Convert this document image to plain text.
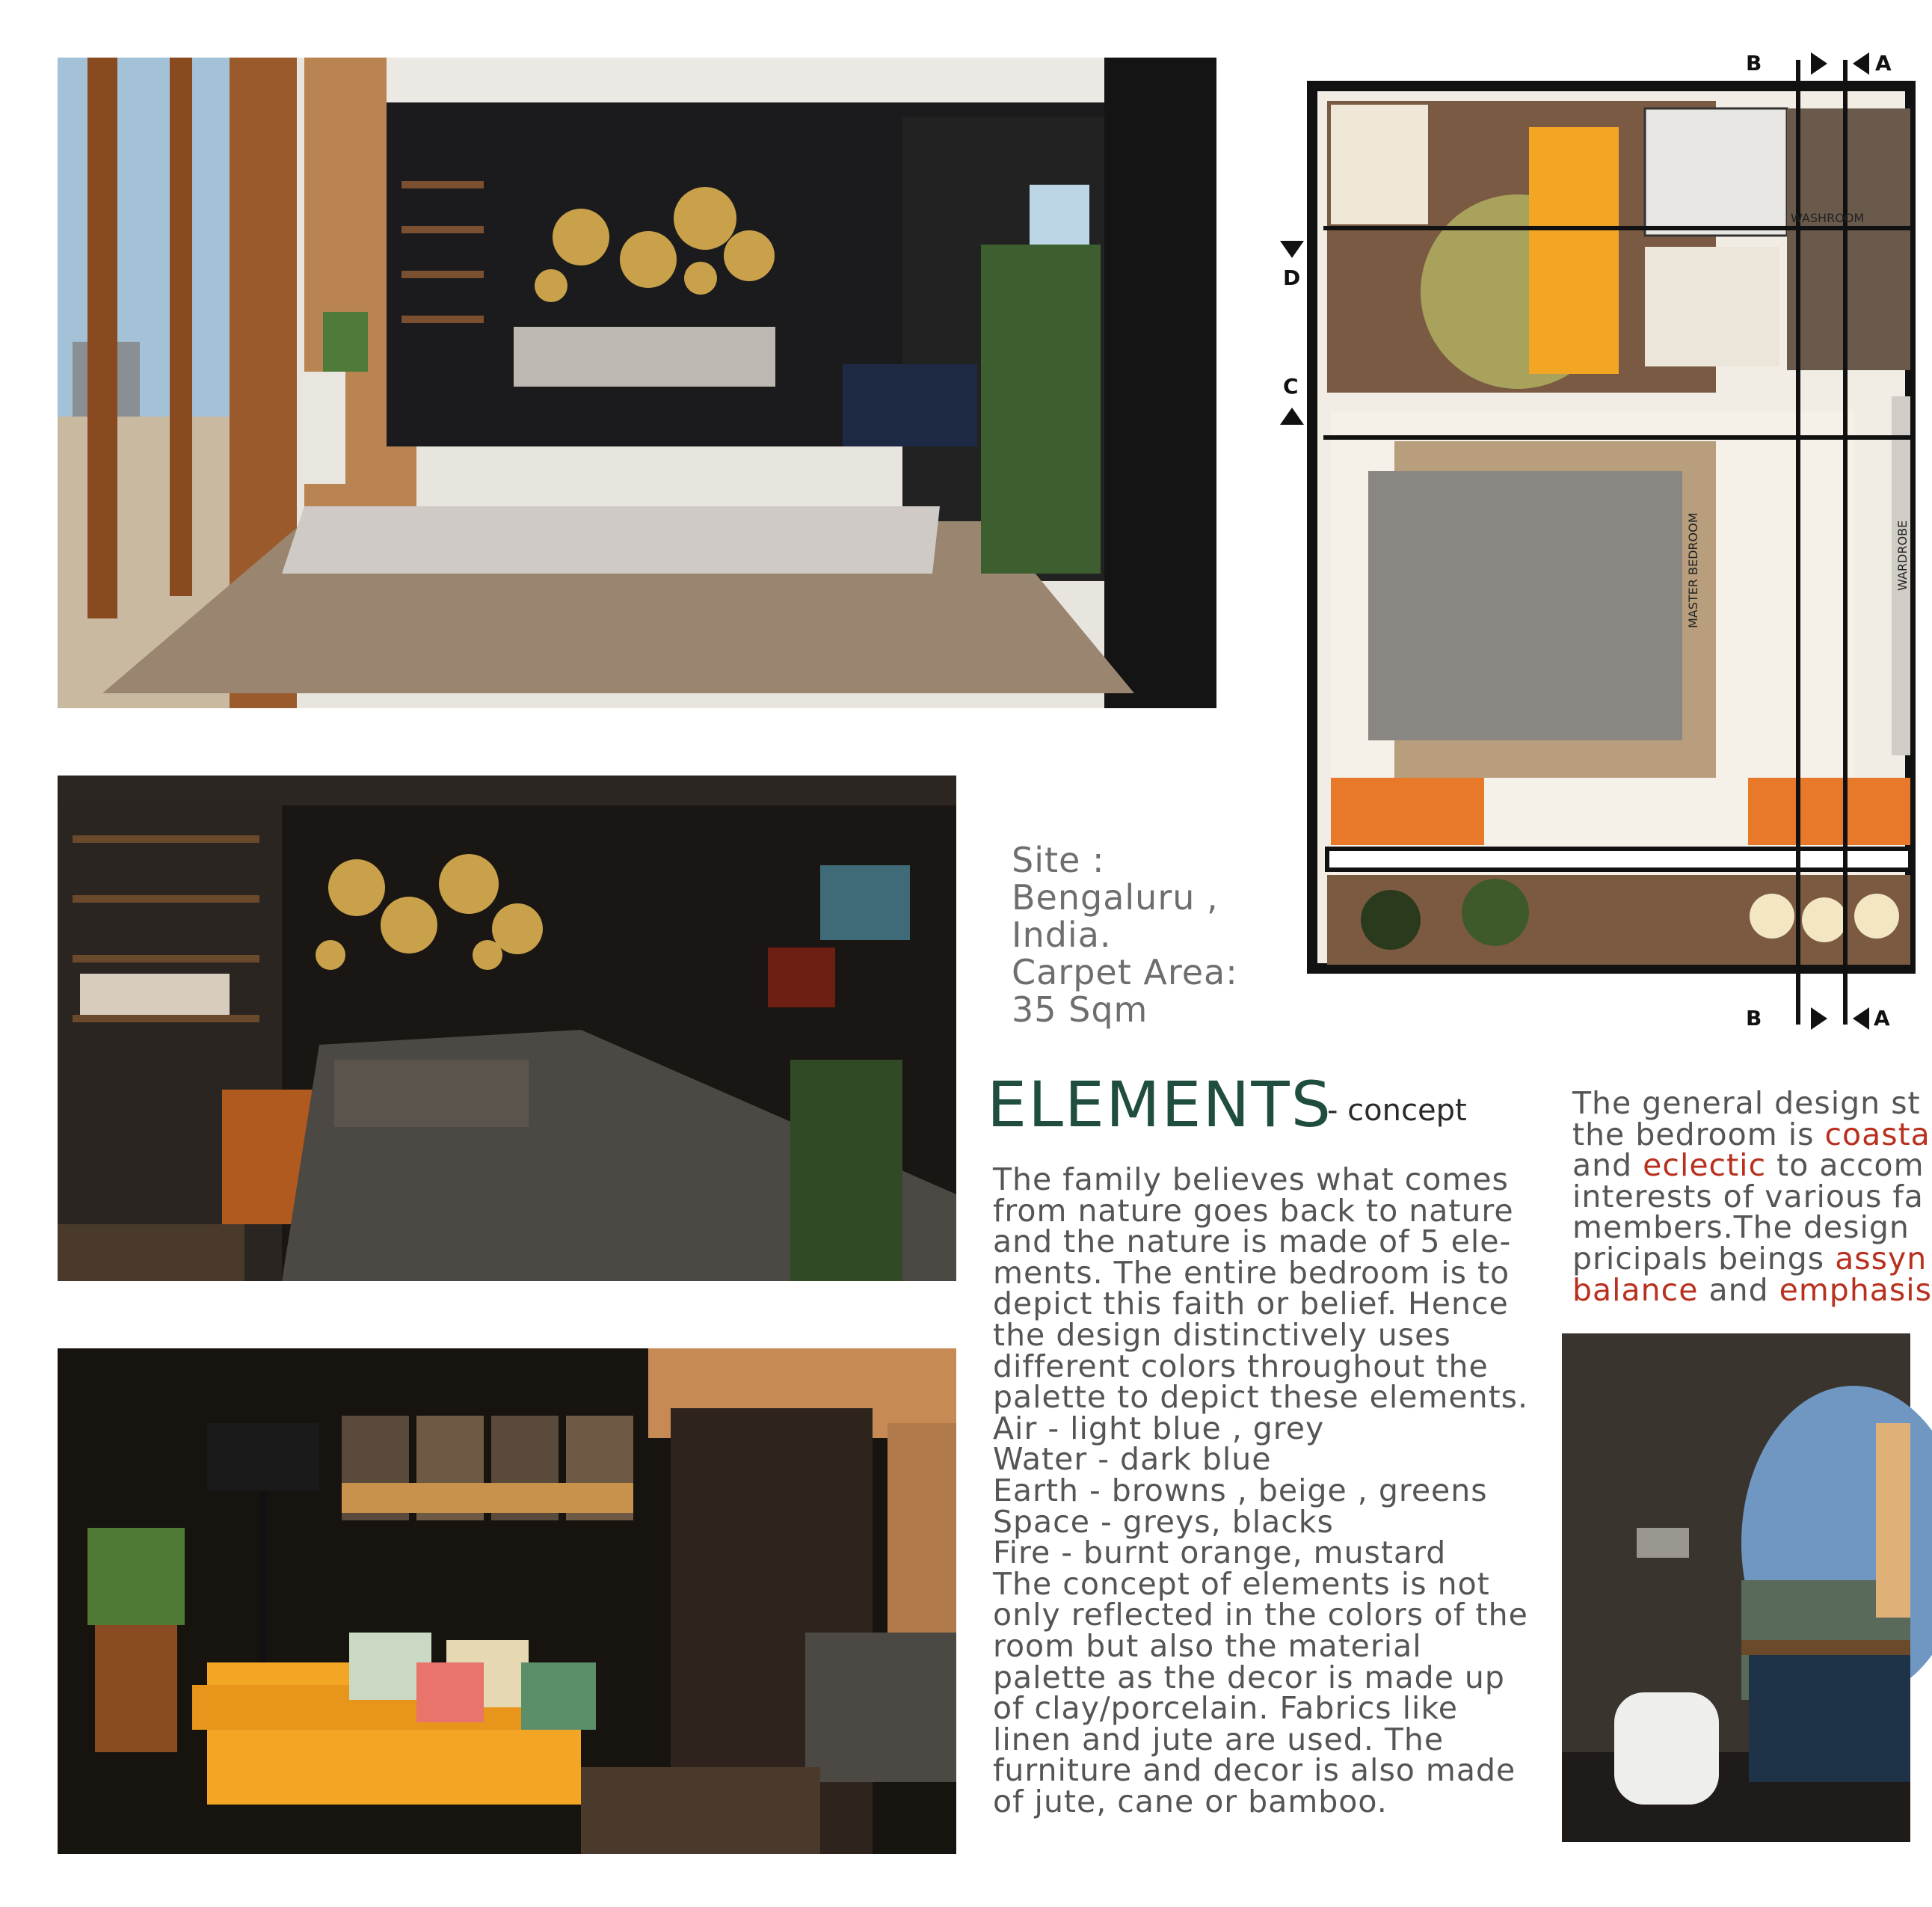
B	A
B	A
D
C
WASHROOM
MASTER BEDROOM	WARDROBE
Site :
Bengaluru ,
India.
Carpet Area:
35 Sqm
ELEMENTS
- concept
The family believes what comes
from nature goes back to nature
and the nature is made of 5 ele-
ments. The entire bedroom is to
depict this faith or belief. Hence
the design distinctively uses
different colors throughout the
palette to depict these elements.
Air - light blue , grey
Water - dark blue
Earth - browns , beige , greens
Space - greys, blacks
Fire - burnt orange, mustard
The concept of elements is not
only reflected in the colors of the
room but also the material
palette as the decor is made up
of clay/porcelain. Fabrics like
linen and jute are used. The
furniture and decor is also made
of jute, cane or bamboo.
The general design st
the bedroom is coasta
and eclectic to accom
interests of various fa
members.The design
pricipals beings assyn
balance and emphasis
